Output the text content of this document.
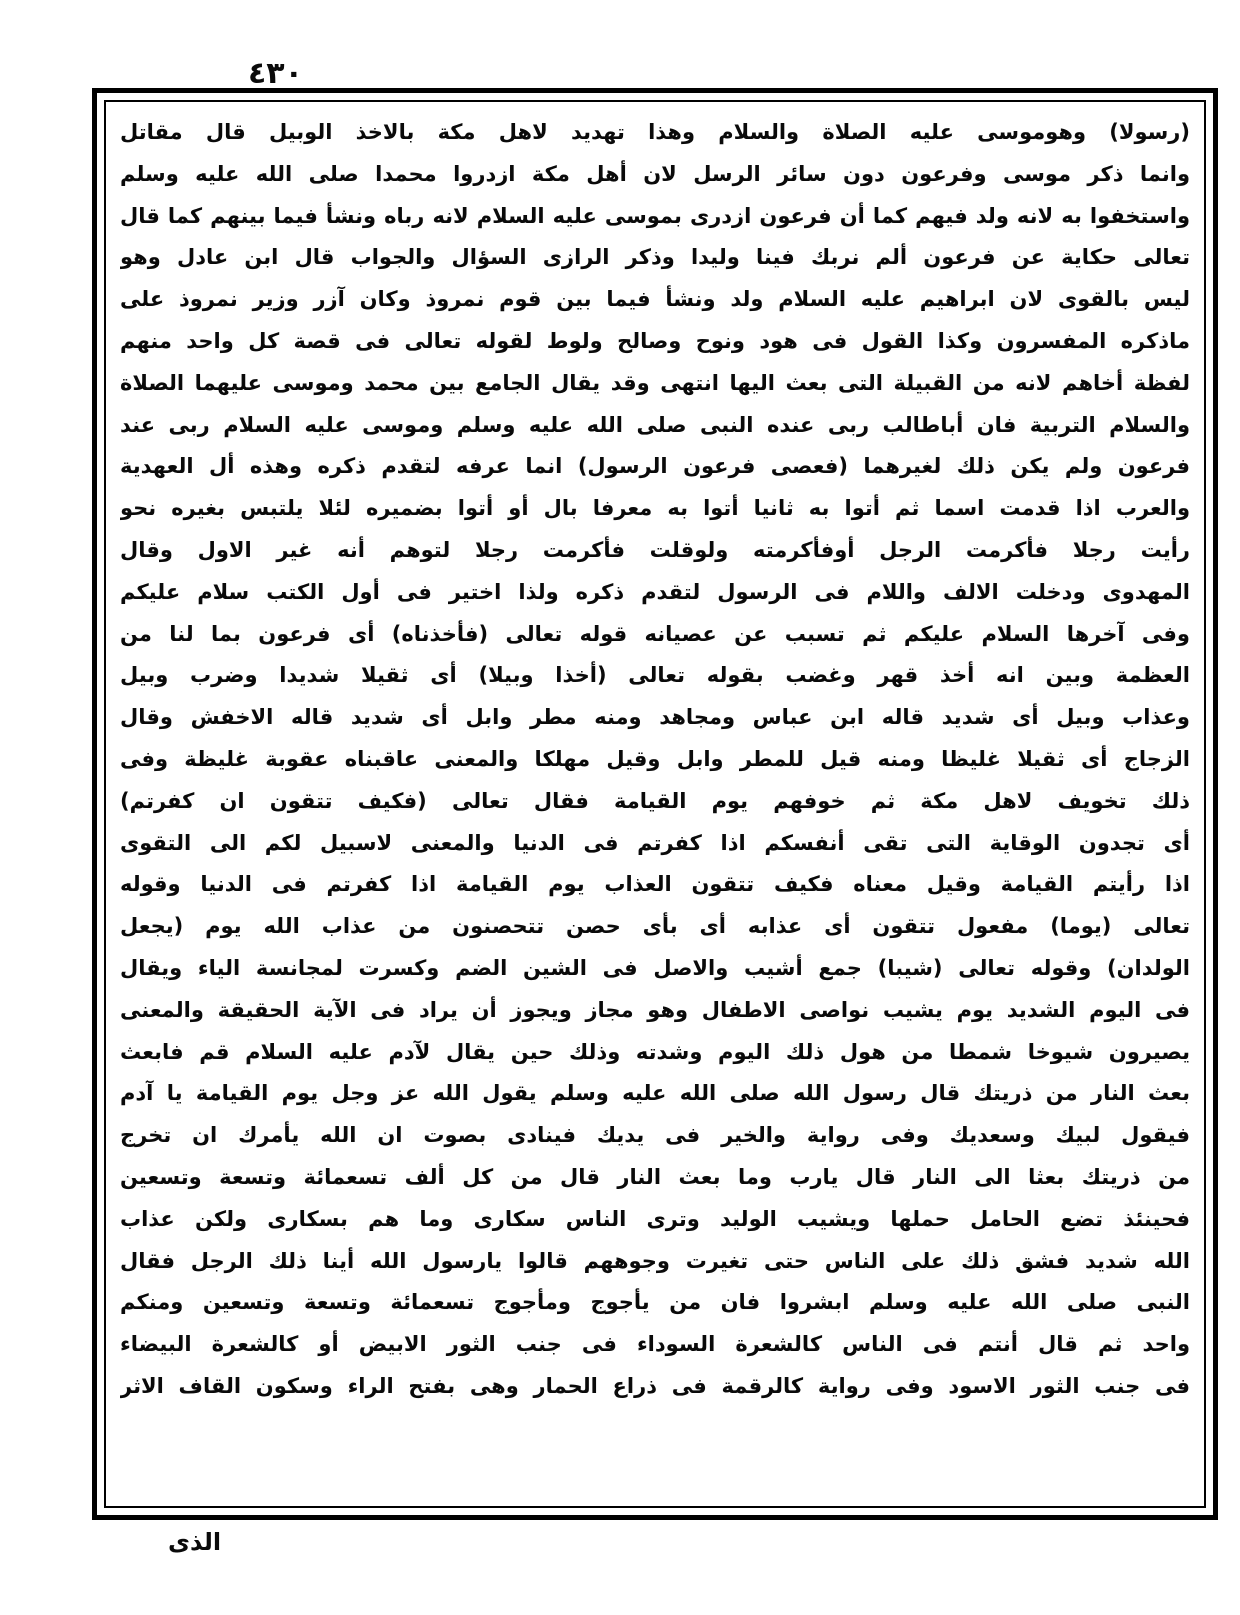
٤٣٠
(رسولا) وهوموسى عليه الصلاة والسلام وهذا تهديد لاهل مكة بالاخذ الوبيل قال مقاتل
وانما ذكر موسى وفرعون دون سائر الرسل لان أهل مكة ازدروا محمدا صلى الله عليه وسلم
واستخفوا به لانه ولد فيهم كما أن فرعون ازدرى بموسى عليه السلام لانه رباه ونشأ فيما بينهم كما قال
تعالى حكاية عن فرعون ألم نربك فينا وليدا وذكر الرازى السؤال والجواب قال ابن عادل وهو
ليس بالقوى لان ابراهيم عليه السلام ولد ونشأ فيما بين قوم نمروذ وكان آزر وزير نمروذ على
ماذكره المفسرون وكذا القول فى هود ونوح وصالح ولوط لقوله تعالى فى قصة كل واحد منهم
لفظة أخاهم لانه من القبيلة التى بعث اليها انتهى وقد يقال الجامع بين محمد وموسى عليهما الصلاة
والسلام التربية فان أباطالب ربى عنده النبى صلى الله عليه وسلم وموسى عليه السلام ربى عند
فرعون ولم يكن ذلك لغيرهما (فعصى فرعون الرسول) انما عرفه لتقدم ذكره وهذه أل العهدية
والعرب اذا قدمت اسما ثم أتوا به ثانيا أتوا به معرفا بال أو أتوا بضميره لئلا يلتبس بغيره نحو
رأيت رجلا فأكرمت الرجل أوفأكرمته ولوقلت فأكرمت رجلا لتوهم أنه غير الاول وقال
المهدوى ودخلت الالف واللام فى الرسول لتقدم ذكره ولذا اختير فى أول الكتب سلام عليكم
وفى آخرها السلام عليكم ثم تسبب عن عصيانه قوله تعالى (فأخذناه) أى فرعون بما لنا من
العظمة وبين انه أخذ قهر وغضب بقوله تعالى (أخذا وبيلا) أى ثقيلا شديدا وضرب وبيل
وعذاب وبيل أى شديد قاله ابن عباس ومجاهد ومنه مطر وابل أى شديد قاله الاخفش وقال
الزجاج أى ثقيلا غليظا ومنه قيل للمطر وابل وقيل مهلكا والمعنى عاقبناه عقوبة غليظة وفى
ذلك تخويف لاهل مكة ثم خوفهم يوم القيامة فقال تعالى (فكيف تتقون ان كفرتم)
أى تجدون الوقاية التى تقى أنفسكم اذا كفرتم فى الدنيا والمعنى لاسبيل لكم الى التقوى
اذا رأيتم القيامة وقيل معناه فكيف تتقون العذاب يوم القيامة اذا كفرتم فى الدنيا وقوله
تعالى (يوما) مفعول تتقون أى عذابه أى بأى حصن تتحصنون من عذاب الله يوم (يجعل
الولدان) وقوله تعالى (شيبا) جمع أشيب والاصل فى الشين الضم وكسرت لمجانسة الياء ويقال
فى اليوم الشديد يوم يشيب نواصى الاطفال وهو مجاز ويجوز أن يراد فى الآية الحقيقة والمعنى
يصيرون شيوخا شمطا من هول ذلك اليوم وشدته وذلك حين يقال لآدم عليه السلام قم فابعث
بعث النار من ذريتك قال رسول الله صلى الله عليه وسلم يقول الله عز وجل يوم القيامة يا آدم
فيقول لبيك وسعديك وفى رواية والخير فى يديك فينادى بصوت ان الله يأمرك ان تخرج
من ذريتك بعثا الى النار قال يارب وما بعث النار قال من كل ألف تسعمائة وتسعة وتسعين
فحينئذ تضع الحامل حملها ويشيب الوليد وترى الناس سكارى وما هم بسكارى ولكن عذاب
الله شديد فشق ذلك على الناس حتى تغيرت وجوههم قالوا يارسول الله أينا ذلك الرجل فقال
النبى صلى الله عليه وسلم ابشروا فان من يأجوج ومأجوج تسعمائة وتسعة وتسعين ومنكم
واحد ثم قال أنتم فى الناس كالشعرة السوداء فى جنب الثور الابيض أو كالشعرة البيضاء
فى جنب الثور الاسود وفى رواية كالرقمة فى ذراع الحمار وهى بفتح الراء وسكون القاف الاثر
الذى
